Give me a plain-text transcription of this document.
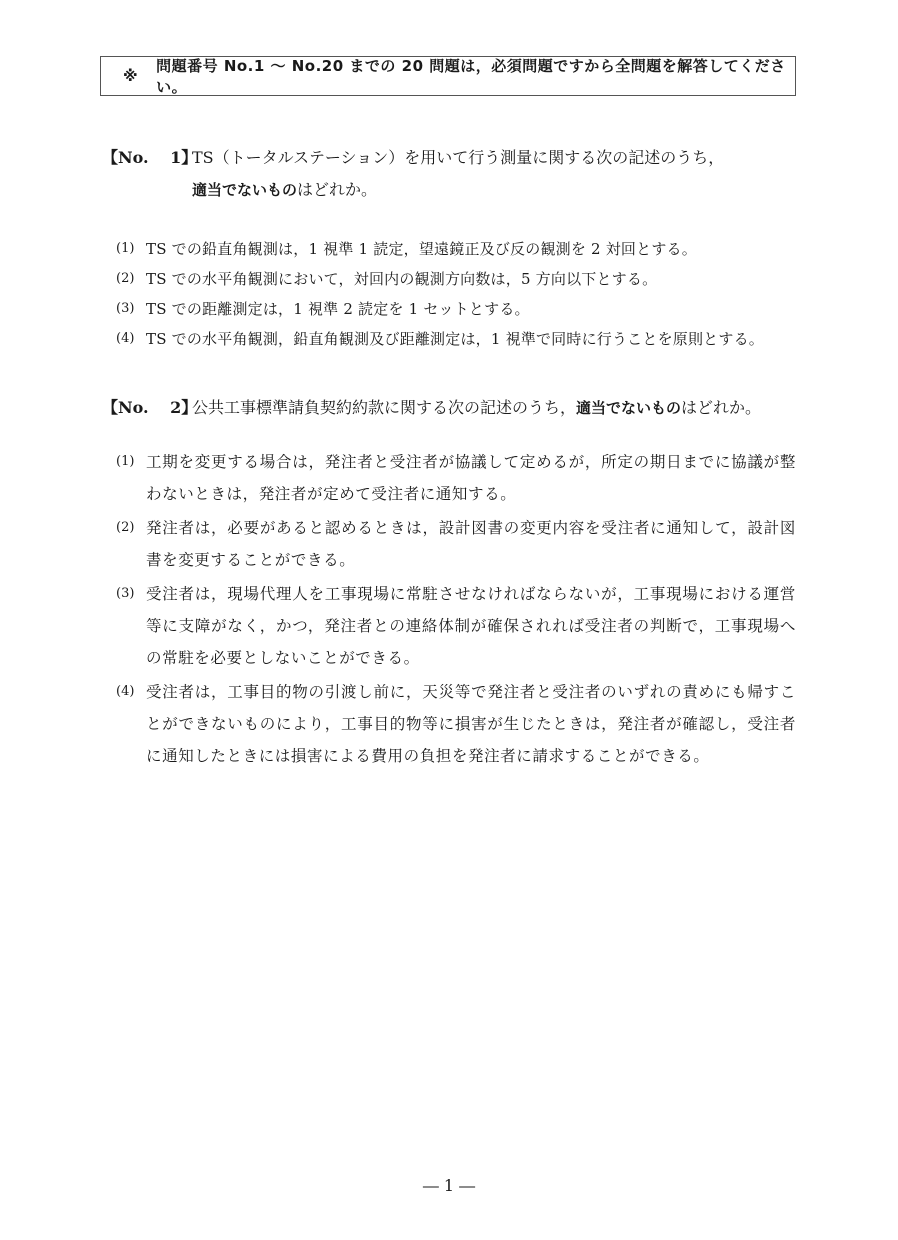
※
問題番号 No.1 ～ No.20 までの 20 問題は，必須問題ですから全問題を解答してください。
【No.　 1】
TS（トータルステーション）を用いて行う測量に関する次の記述のうち，
適当でないものはどれか。
(1) TS での鉛直角観測は，1 視準 1 読定，望遠鏡正及び反の観測を 2 対回とする。
(2) TS での水平角観測において，対回内の観測方向数は，5 方向以下とする。
(3) TS での距離測定は，1 視準 2 読定を 1 セットとする。
(4) TS での水平角観測，鉛直角観測及び距離測定は，1 視準で同時に行うことを原則とする。
【No.　 2】
公共工事標準請負契約約款に関する次の記述のうち，適当でないものはどれか。
(1) 工期を変更する場合は，発注者と受注者が協議して定めるが，所定の期日までに協議が整わないときは，発注者が定めて受注者に通知する。
(2) 発注者は，必要があると認めるときは，設計図書の変更内容を受注者に通知して，設計図書を変更することができる。
(3) 受注者は，現場代理人を工事現場に常駐させなければならないが，工事現場における運営等に支障がなく，かつ，発注者との連絡体制が確保されれば受注者の判断で，工事現場への常駐を必要としないことができる。
(4) 受注者は，工事目的物の引渡し前に，天災等で発注者と受注者のいずれの責めにも帰すことができないものにより，工事目的物等に損害が生じたときは，発注者が確認し，受注者に通知したときには損害による費用の負担を発注者に請求することができる。
― 1 ―
